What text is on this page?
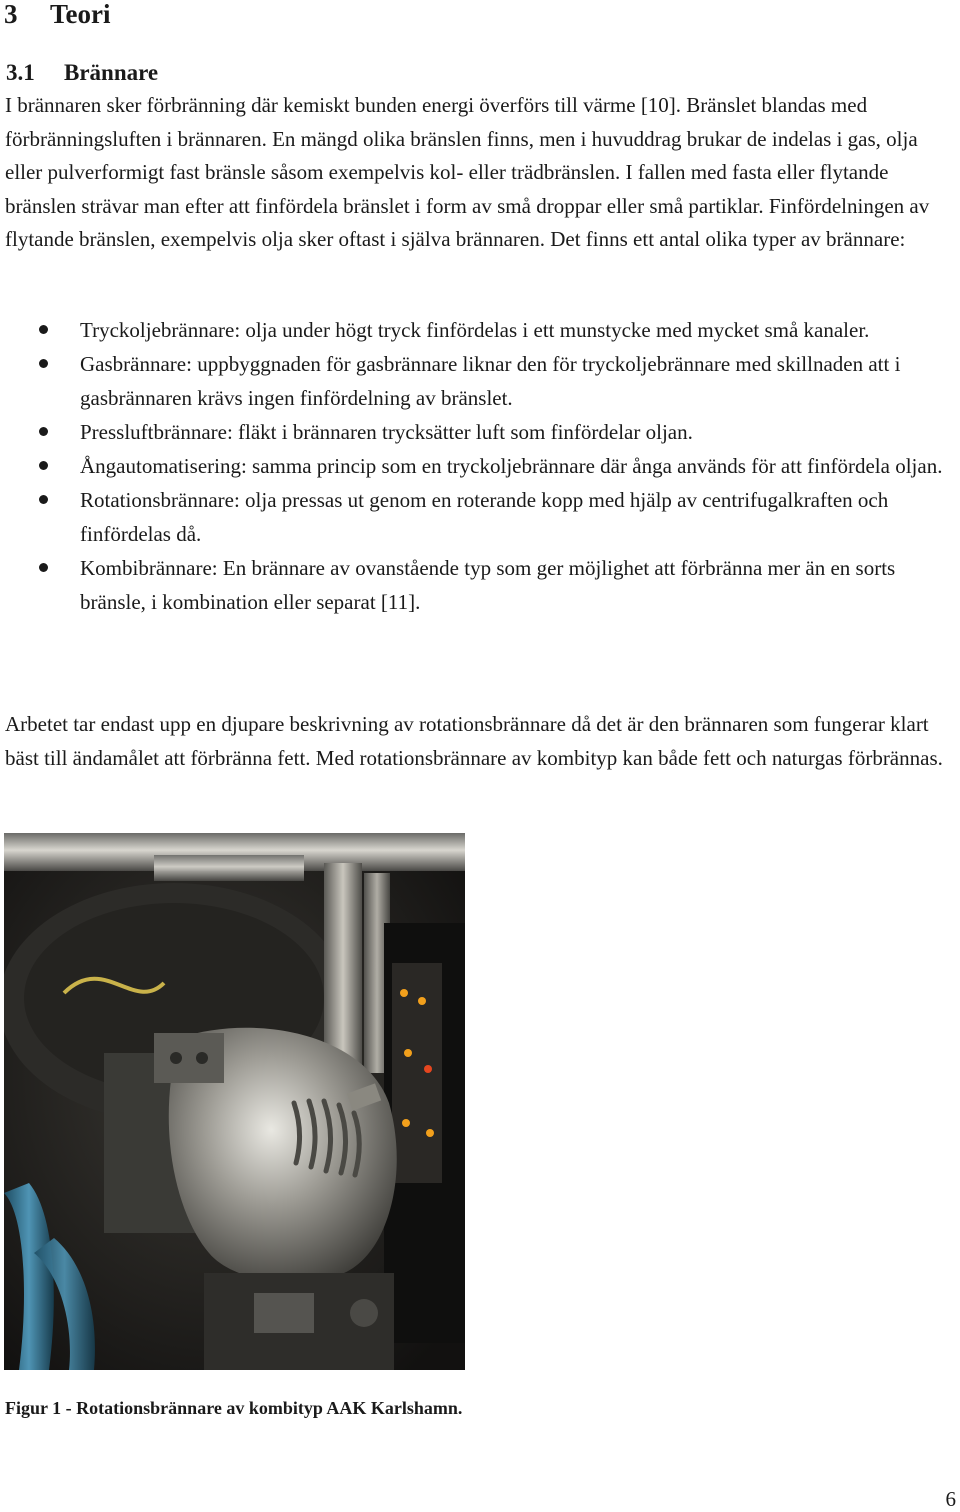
3 Teori
3.1 Brännare

I brännaren sker förbränning där kemiskt bunden energi överförs till värme [10]. Bränslet blandas med förbränningsluften i brännaren. En mängd olika bränslen finns, men i huvuddrag brukar de indelas i gas, olja eller pulverformigt fast bränsle såsom exempelvis kol- eller trädbränslen. I fallen med fasta eller flytande bränslen strävar man efter att finfördela bränslet i form av små droppar eller små partiklar. Finfördelningen av flytande bränslen, exempelvis olja sker oftast i själva brännaren. Det finns ett antal olika typer av brännare:

Tryckoljebrännare: olja under högt tryck finfördelas i ett munstycke med mycket små kanaler.
Gasbrännare: uppbyggnaden för gasbrännare liknar den för tryckoljebrännare med skillnaden att i gasbrännaren krävs ingen finfördelning av bränslet.
Pressluftbrännare: fläkt i brännaren trycksätter luft som finfördelar oljan.
Ångautomatisering: samma princip som en tryckoljebrännare där ånga används för att finfördela oljan.
Rotationsbrännare: olja pressas ut genom en roterande kopp med hjälp av centrifugalkraften och finfördelas då.
Kombibrännare: En brännare av ovanstående typ som ger möjlighet att förbränna mer än en sorts bränsle, i kombination eller separat [11].

Arbetet tar endast upp en djupare beskrivning av rotationsbrännare då det är den brännaren som fungerar klart bäst till ändamålet att förbränna fett. Med rotationsbrännare av kombityp kan både fett och naturgas förbrännas.

Figur 1 - Rotationsbrännare av kombityp AAK Karlshamn.
6
